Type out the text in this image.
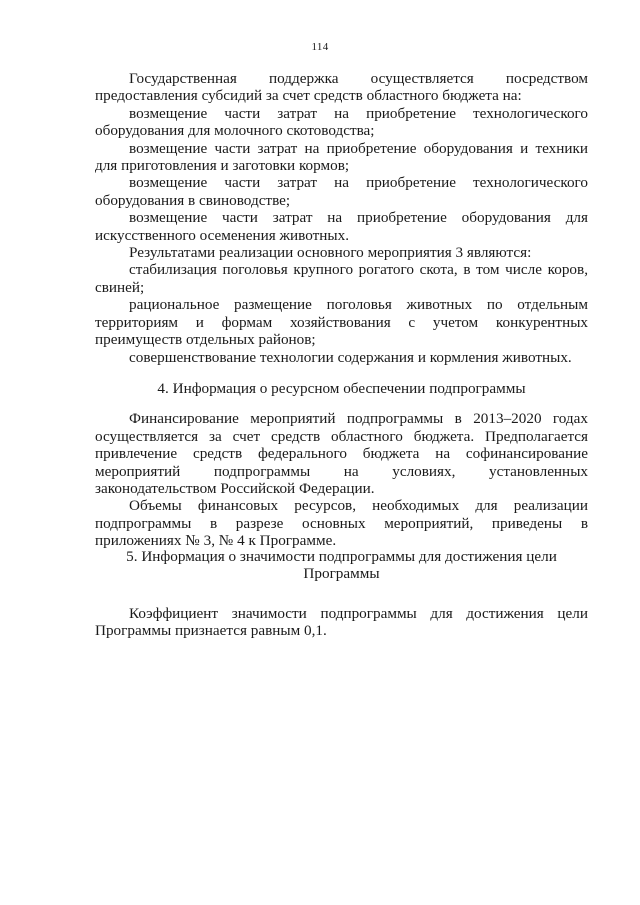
114

Государственная поддержка осуществляется посредством предоставления субсидий за счет средств областного бюджета на:

возмещение части затрат на приобретение технологического оборудования для молочного скотоводства;

возмещение части затрат на приобретение оборудования и техники для приготовления и заготовки кормов;

возмещение части затрат на приобретение технологического оборудования в свиноводстве;

возмещение части затрат на приобретение оборудования для искусственного осеменения животных.

Результатами реализации основного мероприятия 3 являются:

стабилизация поголовья крупного рогатого скота, в том числе коров, свиней;

рациональное размещение поголовья животных по отдельным территориям и формам хозяйствования с учетом конкурентных преимуществ отдельных районов;

совершенствование технологии содержания и кормления животных.

4. Информация о ресурсном обеспечении подпрограммы

Финансирование мероприятий подпрограммы в 2013–2020 годах осуществляется за счет средств областного бюджета. Предполагается привлечение средств федерального бюджета на софинансирование мероприятий подпрограммы на условиях, установленных законодательством Российской Федерации.

Объемы финансовых ресурсов, необходимых для реализации подпрограммы в разрезе основных мероприятий, приведены в приложениях № 3, № 4 к Программе.

5. Информация о значимости подпрограммы для достижения цели
Программы

Коэффициент значимости подпрограммы для достижения цели Программы признается равным 0,1.
